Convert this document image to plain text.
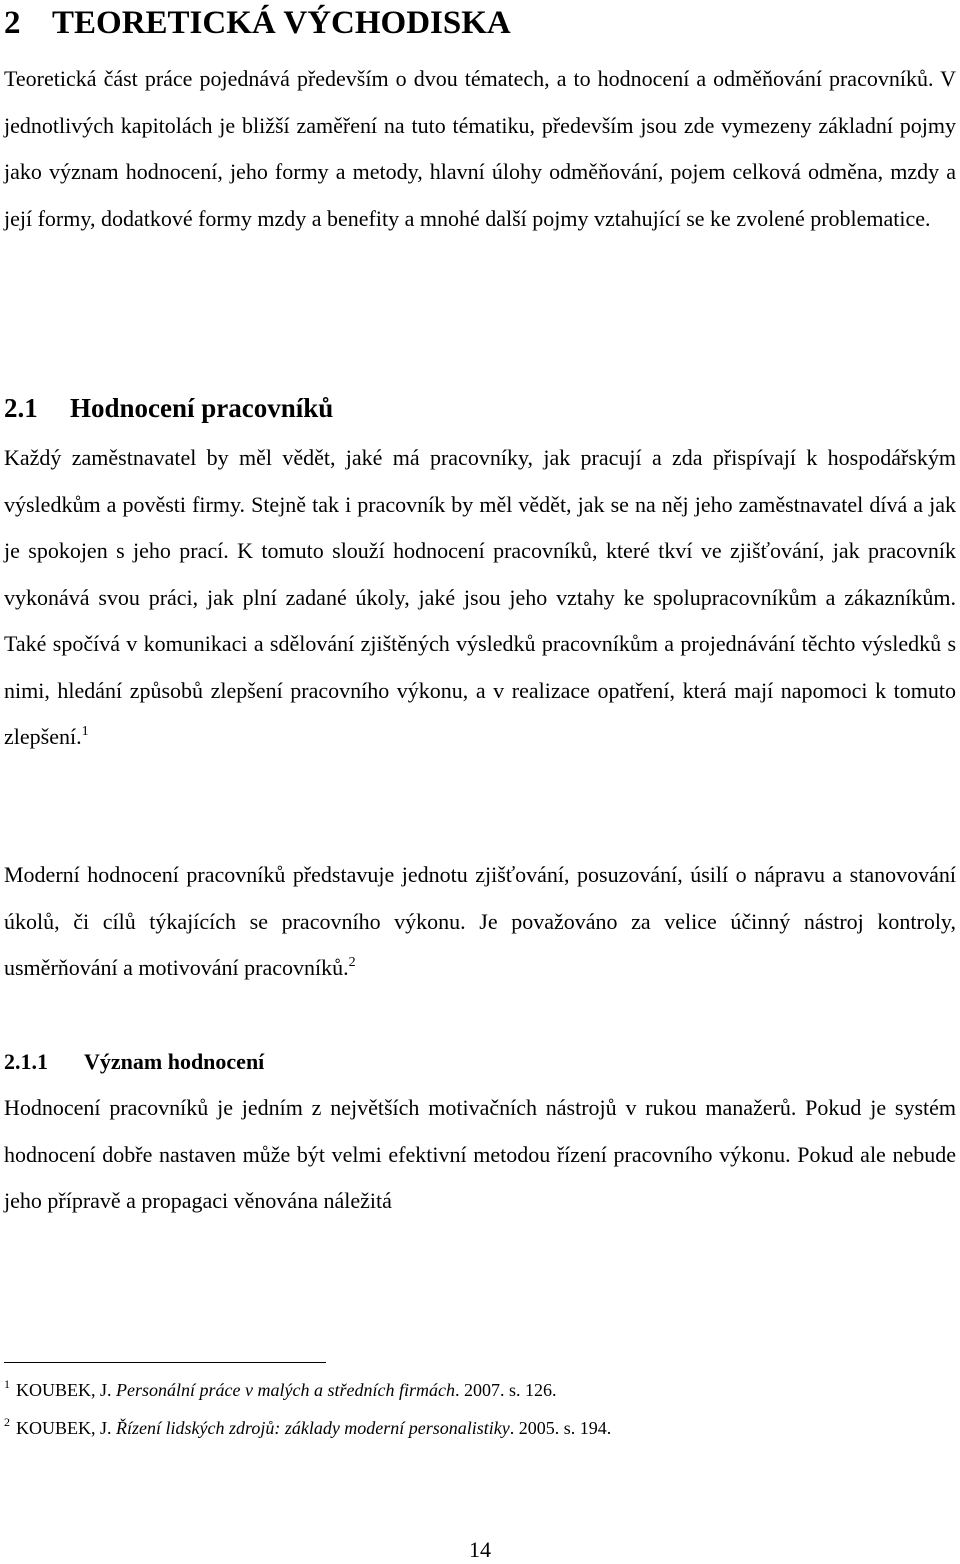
2 TEORETICKÁ VÝCHODISKA

Teoretická část práce pojednává především o dvou tématech, a to hodnocení a odměňování pracovníků. V jednotlivých kapitolách je bližší zaměření na tuto tématiku, především jsou zde vymezeny základní pojmy jako význam hodnocení, jeho formy a metody, hlavní úlohy odměňování, pojem celková odměna, mzdy a její formy, dodatkové formy mzdy a benefity a mnohé další pojmy vztahující se ke zvolené problematice.

2.1 Hodnocení pracovníků

Každý zaměstnavatel by měl vědět, jaké má pracovníky, jak pracují a zda přispívají k hospodářským výsledkům a pověsti firmy. Stejně tak i pracovník by měl vědět, jak se na něj jeho zaměstnavatel dívá a jak je spokojen s jeho prací. K tomuto slouží hodnocení pracovníků, které tkví ve zjišťování, jak pracovník vykonává svou práci, jak plní zadané úkoly, jaké jsou jeho vztahy ke spolupracovníkům a zákazníkům. Také spočívá v komunikaci a sdělování zjištěných výsledků pracovníkům a projednávání těchto výsledků s nimi, hledání způsobů zlepšení pracovního výkonu, a v realizace opatření, která mají napomoci k tomuto zlepšení.$^1$

Moderní hodnocení pracovníků představuje jednotu zjišťování, posuzování, úsilí o nápravu a stanovování úkolů, či cílů týkajících se pracovního výkonu. Je považováno za velice účinný nástroj kontroly, usměrňování a motivování pracovníků.$^2$

2.1.1 Význam hodnocení

Hodnocení pracovníků je jedním z největších motivačních nástrojů v rukou manažerů. Pokud je systém hodnocení dobře nastaven může být velmi efektivní metodou řízení pracovního výkonu. Pokud ale nebude jeho přípravě a propagaci věnována náležitá

$^1$ KOUBEK, J. Personální práce v malých a středních firmách. 2007. s. 126.

$^2$ KOUBEK, J. Řízení lidských zdrojů: základy moderní personalistiky. 2005. s. 194.

14
